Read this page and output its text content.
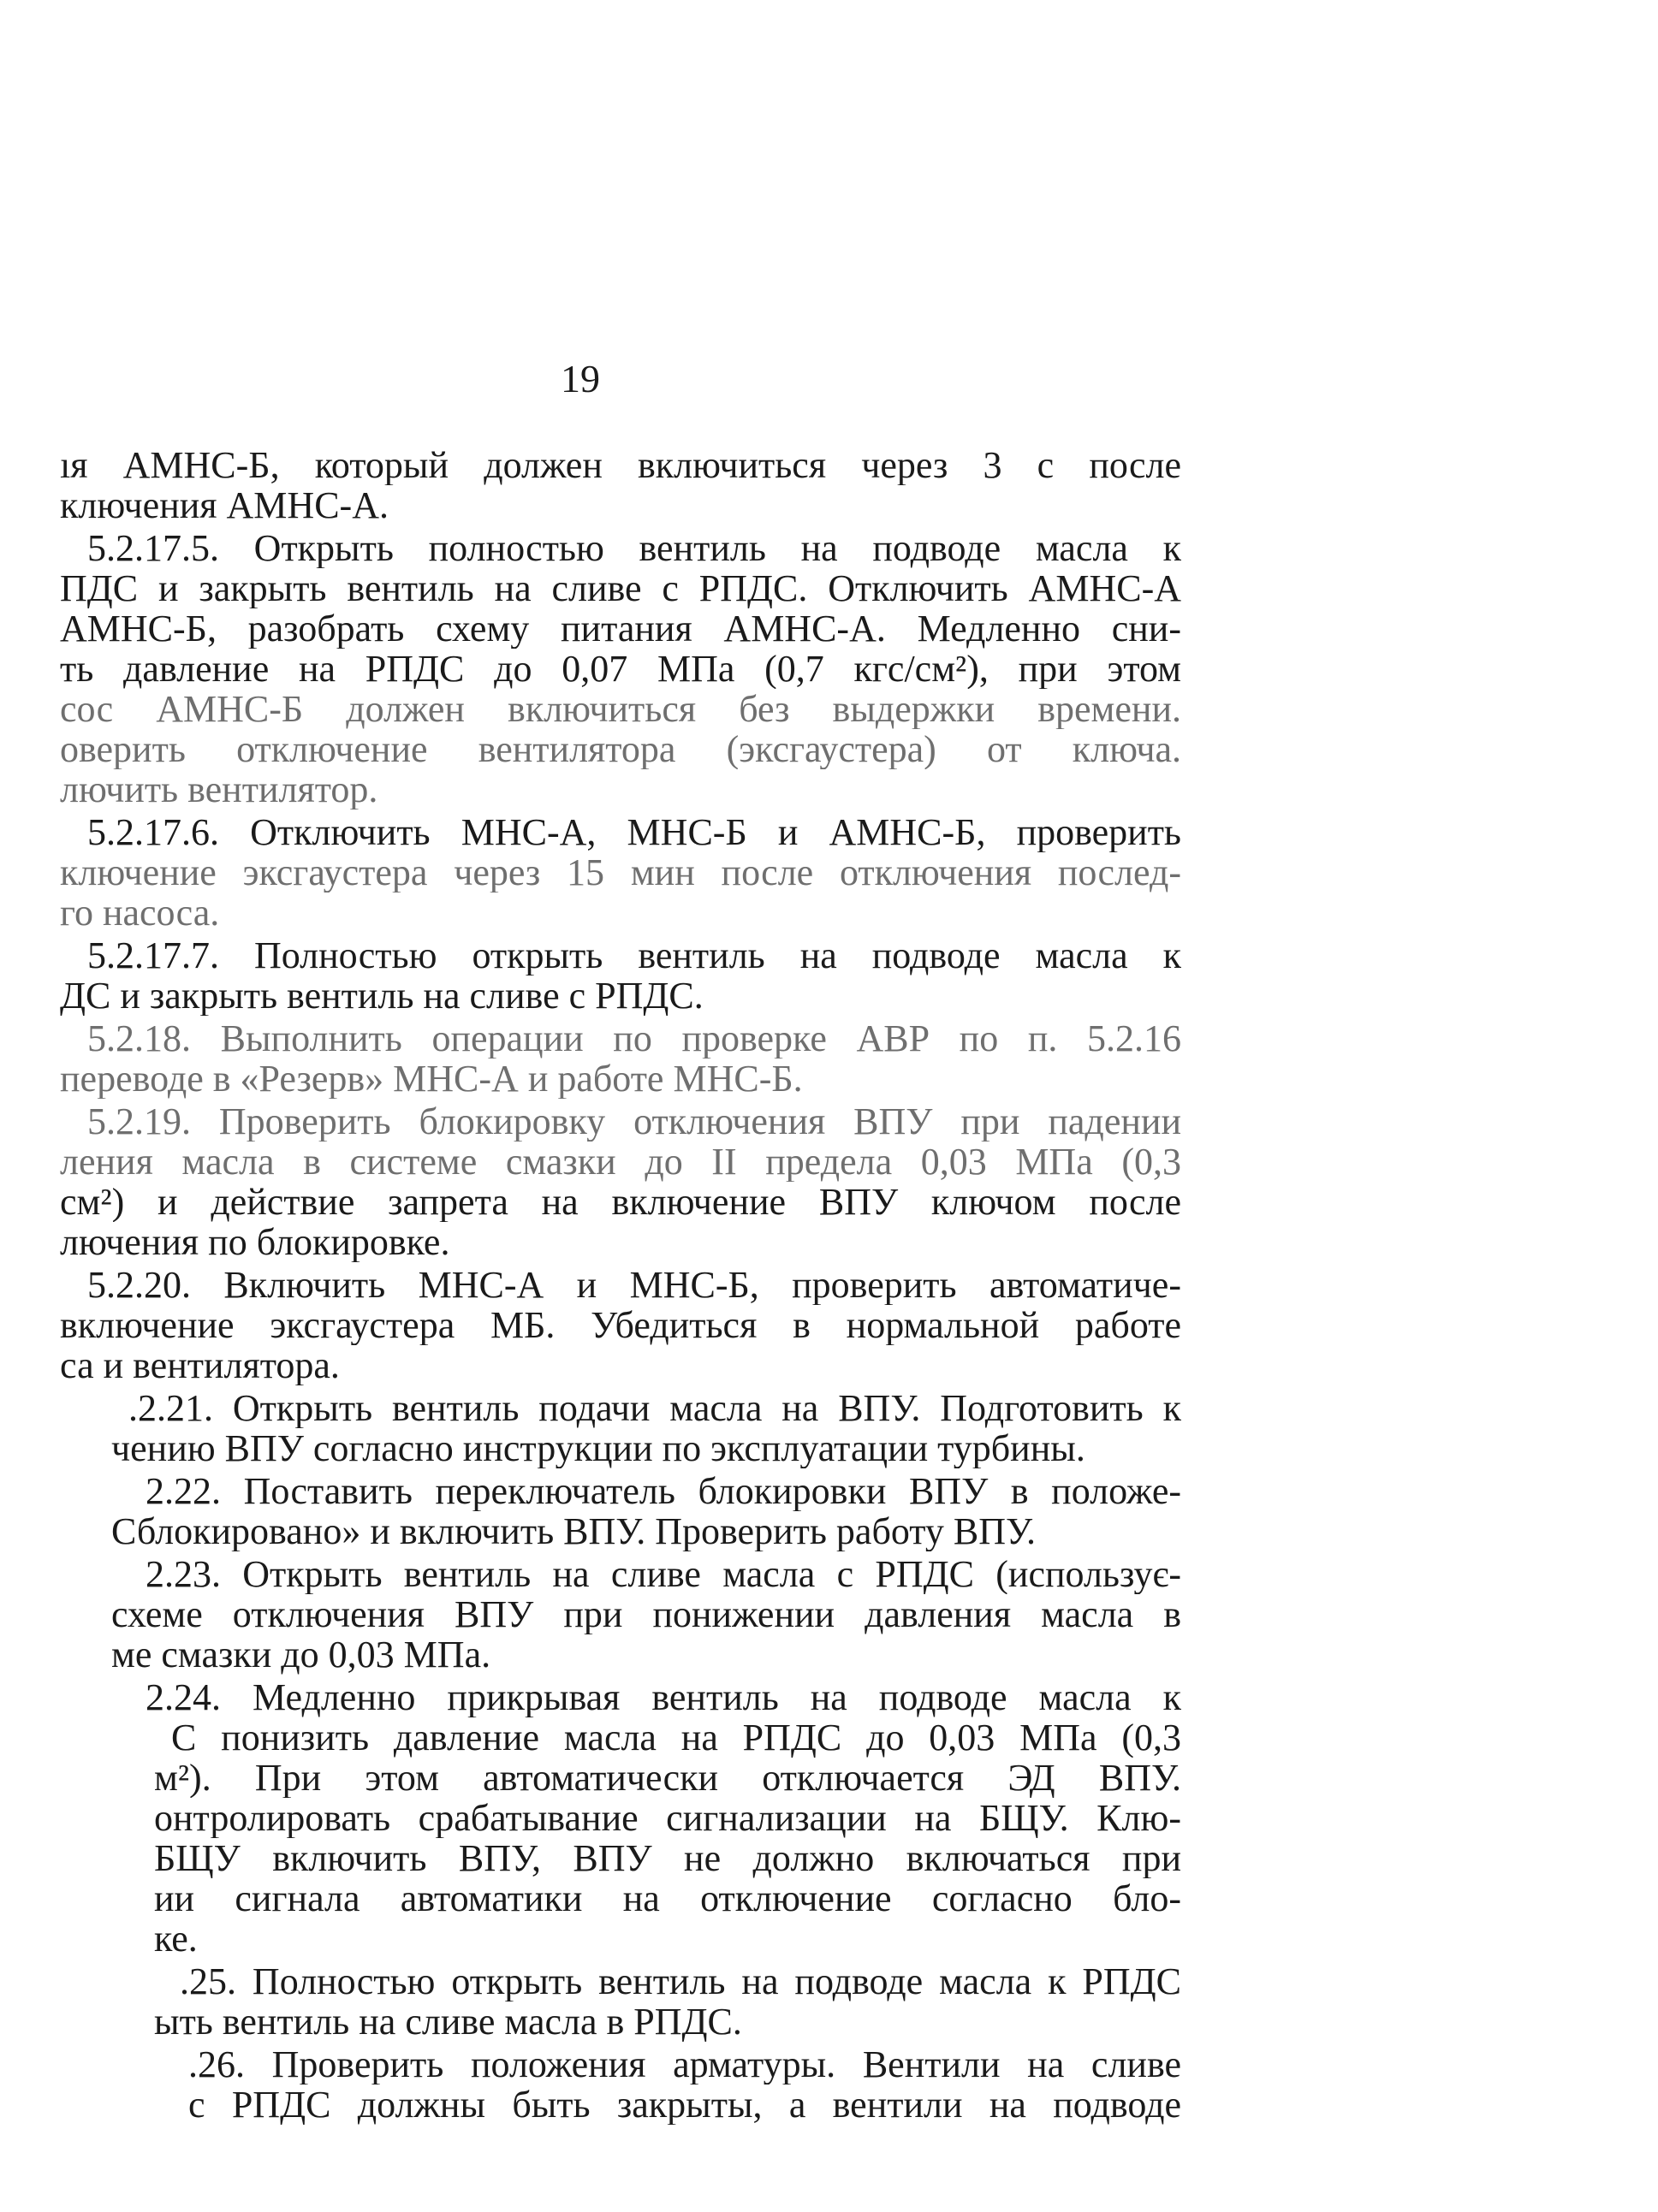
19
ıя АМНС-Б, который должен включиться через 3 с после
ключения АМНС-А.
5.2.17.5. Открыть полностью вентиль на подводе масла к
ПДС и закрыть вентиль на сливе с РПДС. Отключить АМНС-А
АМНС-Б, разобрать схему питания АМНС-А. Медленно сни-
ть давление на РПДС до 0,07 МПа (0,7 кгс/см²), при этом
сос АМНС-Б должен включиться без выдержки времени.
оверить отключение вентилятора (эксгаустера) от ключа.
лючить вентилятор.
5.2.17.6. Отключить МНС-А, МНС-Б и АМНС-Б, проверить
ключение эксгаустера через 15 мин после отключения послед-
го насоса.
5.2.17.7. Полностью открыть вентиль на подводе масла к
ДС и закрыть вентиль на сливе с РПДС.
5.2.18. Выполнить операции по проверке АВР по п. 5.2.16
переводе в «Резерв» МНС-А и работе МНС-Б.
5.2.19. Проверить блокировку отключения ВПУ при падении
ления масла в системе смазки до II предела 0,03 МПа (0,3
см²) и действие запрета на включение ВПУ ключом после
лючения по блокировке.
5.2.20. Включить МНС-А и МНС-Б, проверить автоматиче-
включение эксгаустера МБ. Убедиться в нормальной работе
са и вентилятора.
.2.21. Открыть вентиль подачи масла на ВПУ. Подготовить к
чению ВПУ согласно инструкции по эксплуатации турбины.
2.22. Поставить переключатель блокировки ВПУ в положе-
Сблокировано» и включить ВПУ. Проверить работу ВПУ.
2.23. Открыть вентиль на сливе масла с РПДС (использує-
схеме отключения ВПУ при понижении давления масла в
ме смазки до 0,03 МПа.
2.24. Медленно прикрывая вентиль на подводе масла к
С понизить давление масла на РПДС до 0,03 МПа (0,3
м²). При этом автоматически отключается ЭД ВПУ.
онтролировать срабатывание сигнализации на БЩУ. Клю-
БЩУ включить ВПУ, ВПУ не должно включаться при
ии сигнала автоматики на отключение согласно бло-
ке.
.25. Полностью открыть вентиль на подводе масла к РПДС
ыть вентиль на сливе масла в РПДС.
.26. Проверить положения арматуры. Вентили на сливе
с РПДС должны быть закрыты, а вентили на подводе
